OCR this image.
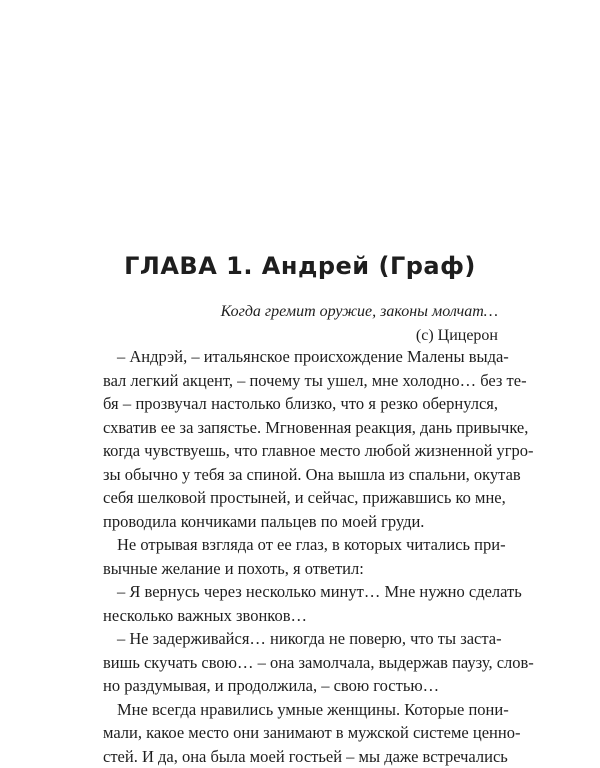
ГЛАВА 1. Андрей (Граф)
Когда гремит оружие, законы молчат…
(с) Цицерон
– Андрэй, – итальянское происхождение Малены выда-
вал легкий акцент, – почему ты ушел, мне холодно… без те-
бя – прозвучал настолько близко, что я резко обернулся,
схватив ее за запястье. Мгновенная реакция, дань привычке,
когда чувствуешь, что главное место любой жизненной угро-
зы обычно у тебя за спиной. Она вышла из спальни, окутав
себя шелковой простыней, и сейчас, прижавшись ко мне,
проводила кончиками пальцев по моей груди.
Не отрывая взгляда от ее глаз, в которых читались при-
вычные желание и похоть, я ответил:
– Я вернусь через несколько минут… Мне нужно сделать
несколько важных звонков…
– Не задерживайся… никогда не поверю, что ты заста-
вишь скучать свою… – она замолчала, выдержав паузу, слов-
но раздумывая, и продолжила, – свою гостью…
Мне всегда нравились умные женщины. Которые пони-
мали, какое место они занимают в мужской системе ценно-
стей. И да, она была моей гостьей – мы даже встречались
